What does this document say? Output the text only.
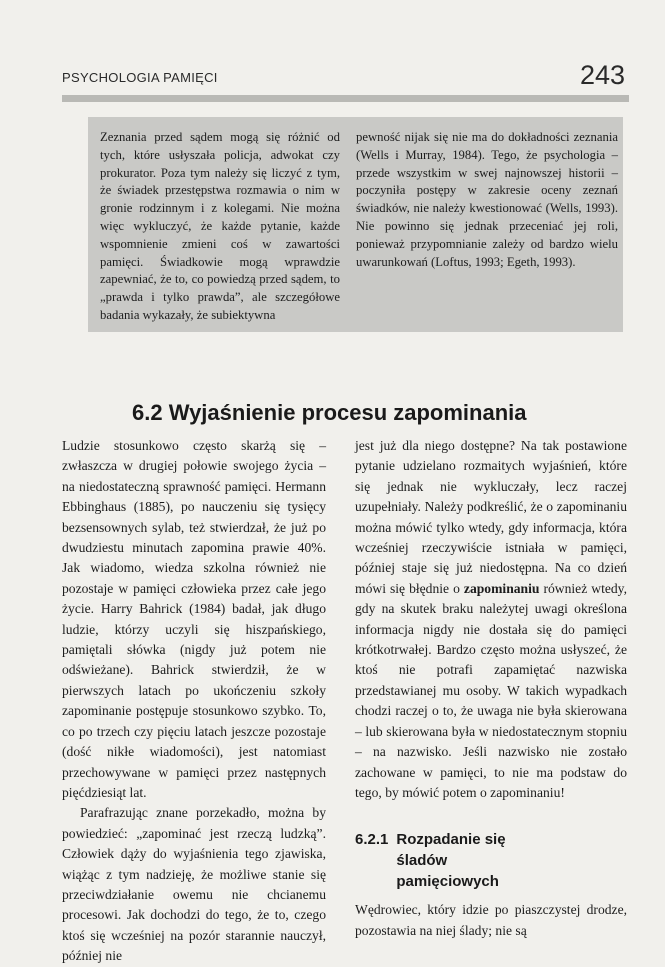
PSYCHOLOGIA PAMIĘCI	243

Zeznania przed sądem mogą się różnić od tych, które usłyszała policja, adwokat czy prokurator. Poza tym należy się liczyć z tym, że świadek przestępstwa rozmawia o nim w gronie rodzinnym i z kolegami. Nie można więc wykluczyć, że każde pytanie, każde wspomnienie zmieni coś w zawartości pamięci. Świadkowie mogą wprawdzie zapewniać, że to, co powiedzą przed sądem, to „prawda i tylko prawda”, ale szczegółowe badania wykazały, że subiektywna

pewność nijak się nie ma do dokładności zeznania (Wells i Murray, 1984). Tego, że psychologia – przede wszystkim w swej najnowszej historii – poczyniła postępy w zakresie oceny zeznań świadków, nie należy kwestionować (Wells, 1993). Nie powinno się jednak przeceniać jej roli, ponieważ przypomnianie zależy od bardzo wielu uwarunkowań (Loftus, 1993; Egeth, 1993).

6.2 Wyjaśnienie procesu zapominania

Ludzie stosunkowo często skarżą się – zwłaszcza w drugiej połowie swojego życia – na niedostateczną sprawność pamięci. Hermann Ebbinghaus (1885), po nauczeniu się tysięcy bezsensownych sylab, też stwierdzał, że już po dwudziestu minutach zapomina prawie 40%. Jak wiadomo, wiedza szkolna również nie pozostaje w pamięci człowieka przez całe jego życie. Harry Bahrick (1984) badał, jak długo ludzie, którzy uczyli się hiszpańskiego, pamiętali słówka (nigdy już potem nie odświeżane). Bahrick stwierdził, że w pierwszych latach po ukończeniu szkoły zapominanie postępuje stosunkowo szybko. To, co po trzech czy pięciu latach jeszcze pozostaje (dość nikłe wiadomości), jest natomiast przechowywane w pamięci przez następnych pięćdziesiąt lat.

Parafrazując znane porzekadło, można by powiedzieć: „zapominać jest rzeczą ludzką”. Człowiek dąży do wyjaśnienia tego zjawiska, wiążąc z tym nadzieję, że możliwe stanie się przeciwdziałanie owemu nie chcianemu procesowi. Jak dochodzi do tego, że to, czego ktoś się wcześniej na pozór starannie nauczył, później nie

jest już dla niego dostępne? Na tak postawione pytanie udzielano rozmaitych wyjaśnień, które się jednak nie wykluczały, lecz raczej uzupełniały. Należy podkreślić, że o zapominaniu można mówić tylko wtedy, gdy informacja, która wcześniej rzeczywiście istniała w pamięci, później staje się już niedostępna. Na co dzień mówi się błędnie o zapominaniu również wtedy, gdy na skutek braku należytej uwagi określona informacja nigdy nie dostała się do pamięci krótkotrwałej. Bardzo często można usłyszeć, że ktoś nie potrafi zapamiętać nazwiska przedstawianej mu osoby. W takich wypadkach chodzi raczej o to, że uwaga nie była skierowana – lub skierowana była w niedostatecznym stopniu – na nazwisko. Jeśli nazwisko nie zostało zachowane w pamięci, to nie ma podstaw do tego, by mówić potem o zapominaniu!

6.2.1 Rozpadanie się śladów pamięciowych

Wędrowiec, który idzie po piaszczystej drodze, pozostawia na niej ślady; nie są
